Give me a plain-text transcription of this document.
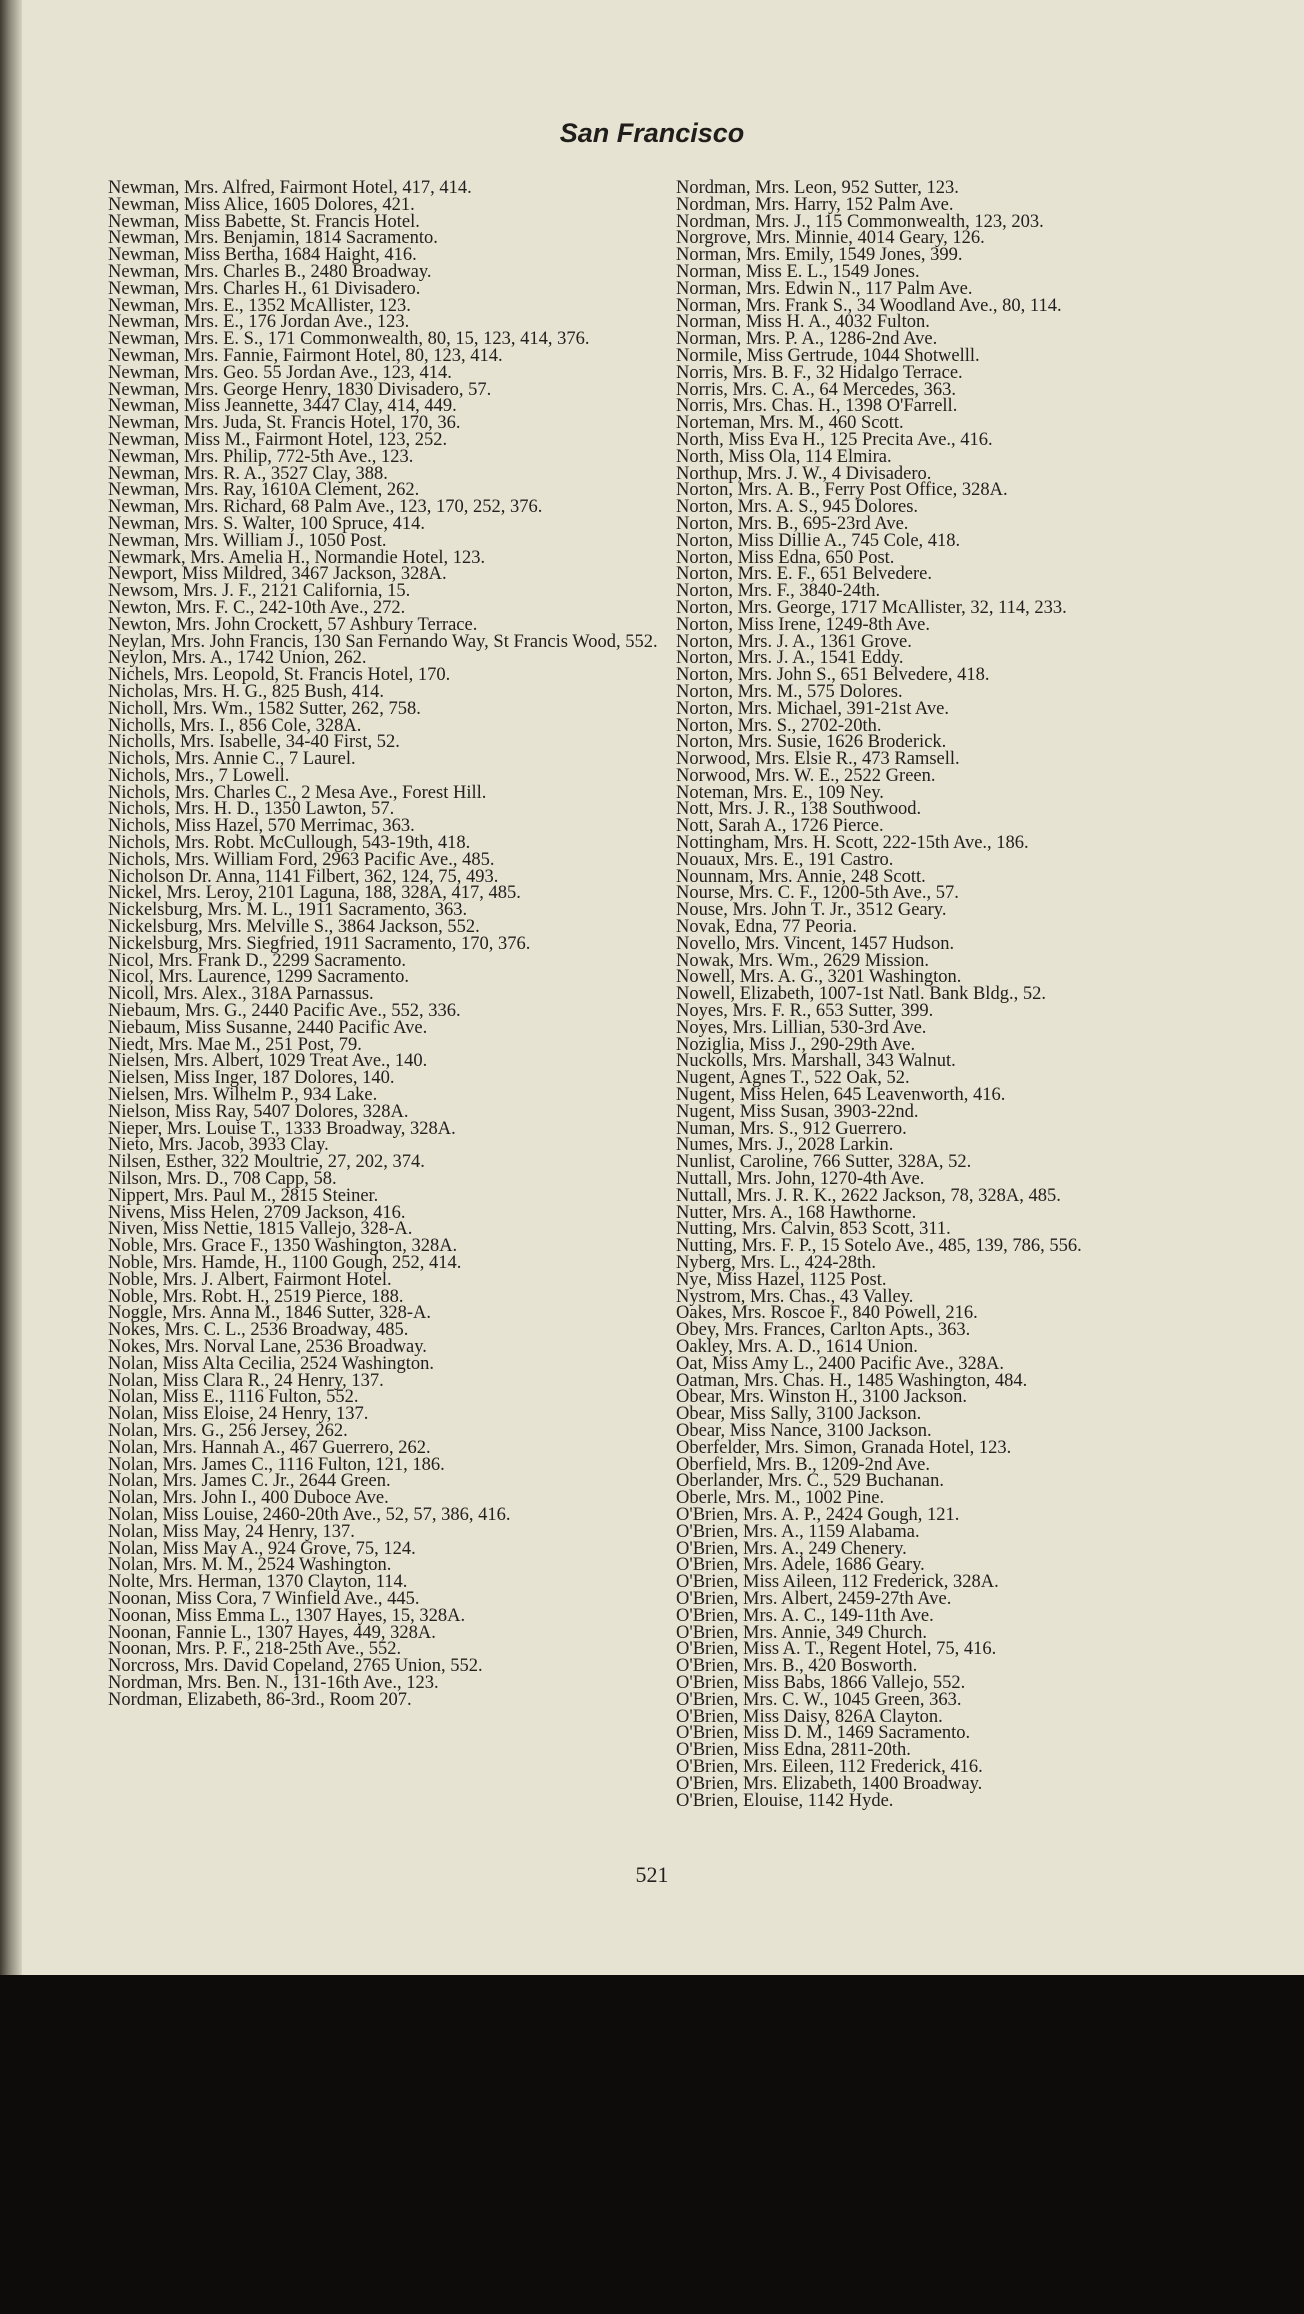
San Francisco
Newman, Mrs. Alfred, Fairmont Hotel, 417, 414.
Newman, Miss Alice, 1605 Dolores, 421.
Newman, Miss Babette, St. Francis Hotel.
Newman, Mrs. Benjamin, 1814 Sacramento.
Newman, Miss Bertha, 1684 Haight, 416.
Newman, Mrs. Charles B., 2480 Broadway.
Newman, Mrs. Charles H., 61 Divisadero.
Newman, Mrs. E., 1352 McAllister, 123.
Newman, Mrs. E., 176 Jordan Ave., 123.
Newman, Mrs. E. S., 171 Commonwealth, 80, 15, 123, 414, 376.
Newman, Mrs. Fannie, Fairmont Hotel, 80, 123, 414.
Newman, Mrs. Geo. 55 Jordan Ave., 123, 414.
Newman, Mrs. George Henry, 1830 Divisadero, 57.
Newman, Miss Jeannette, 3447 Clay, 414, 449.
Newman, Mrs. Juda, St. Francis Hotel, 170, 36.
Newman, Miss M., Fairmont Hotel, 123, 252.
Newman, Mrs. Philip, 772-5th Ave., 123.
Newman, Mrs. R. A., 3527 Clay, 388.
Newman, Mrs. Ray, 1610A Clement, 262.
Newman, Mrs. Richard, 68 Palm Ave., 123, 170, 252, 376.
Newman, Mrs. S. Walter, 100 Spruce, 414.
Newman, Mrs. William J., 1050 Post.
Newmark, Mrs. Amelia H., Normandie Hotel, 123.
Newport, Miss Mildred, 3467 Jackson, 328A.
Newsom, Mrs. J. F., 2121 California, 15.
Newton, Mrs. F. C., 242-10th Ave., 272.
Newton, Mrs. John Crockett, 57 Ashbury Terrace.
Neylan, Mrs. John Francis, 130 San Fernando Way, St Francis Wood, 552.
Neylon, Mrs. A., 1742 Union, 262.
Nichels, Mrs. Leopold, St. Francis Hotel, 170.
Nicholas, Mrs. H. G., 825 Bush, 414.
Nicholl, Mrs. Wm., 1582 Sutter, 262, 758.
Nicholls, Mrs. I., 856 Cole, 328A.
Nicholls, Mrs. Isabelle, 34-40 First, 52.
Nichols, Mrs. Annie C., 7 Laurel.
Nichols, Mrs., 7 Lowell.
Nichols, Mrs. Charles C., 2 Mesa Ave., Forest Hill.
Nichols, Mrs. H. D., 1350 Lawton, 57.
Nichols, Miss Hazel, 570 Merrimac, 363.
Nichols, Mrs. Robt. McCullough, 543-19th, 418.
Nichols, Mrs. William Ford, 2963 Pacific Ave., 485.
Nicholson Dr. Anna, 1141 Filbert, 362, 124, 75, 493.
Nickel, Mrs. Leroy, 2101 Laguna, 188, 328A, 417, 485.
Nickelsburg, Mrs. M. L., 1911 Sacramento, 363.
Nickelsburg, Mrs. Melville S., 3864 Jackson, 552.
Nickelsburg, Mrs. Siegfried, 1911 Sacramento, 170, 376.
Nicol, Mrs. Frank D., 2299 Sacramento.
Nicol, Mrs. Laurence, 1299 Sacramento.
Nicoll, Mrs. Alex., 318A Parnassus.
Niebaum, Mrs. G., 2440 Pacific Ave., 552, 336.
Niebaum, Miss Susanne, 2440 Pacific Ave.
Niedt, Mrs. Mae M., 251 Post, 79.
Nielsen, Mrs. Albert, 1029 Treat Ave., 140.
Nielsen, Miss Inger, 187 Dolores, 140.
Nielsen, Mrs. Wilhelm P., 934 Lake.
Nielson, Miss Ray, 5407 Dolores, 328A.
Nieper, Mrs. Louise T., 1333 Broadway, 328A.
Nieto, Mrs. Jacob, 3933 Clay.
Nilsen, Esther, 322 Moultrie, 27, 202, 374.
Nilson, Mrs. D., 708 Capp, 58.
Nippert, Mrs. Paul M., 2815 Steiner.
Nivens, Miss Helen, 2709 Jackson, 416.
Niven, Miss Nettie, 1815 Vallejo, 328-A.
Noble, Mrs. Grace F., 1350 Washington, 328A.
Noble, Mrs. Hamde, H., 1100 Gough, 252, 414.
Noble, Mrs. J. Albert, Fairmont Hotel.
Noble, Mrs. Robt. H., 2519 Pierce, 188.
Noggle, Mrs. Anna M., 1846 Sutter, 328-A.
Nokes, Mrs. C. L., 2536 Broadway, 485.
Nokes, Mrs. Norval Lane, 2536 Broadway.
Nolan, Miss Alta Cecilia, 2524 Washington.
Nolan, Miss Clara R., 24 Henry, 137.
Nolan, Miss E., 1116 Fulton, 552.
Nolan, Miss Eloise, 24 Henry, 137.
Nolan, Mrs. G., 256 Jersey, 262.
Nolan, Mrs. Hannah A., 467 Guerrero, 262.
Nolan, Mrs. James C., 1116 Fulton, 121, 186.
Nolan, Mrs. James C. Jr., 2644 Green.
Nolan, Mrs. John I., 400 Duboce Ave.
Nolan, Miss Louise, 2460-20th Ave., 52, 57, 386, 416.
Nolan, Miss May, 24 Henry, 137.
Nolan, Miss May A., 924 Grove, 75, 124.
Nolan, Mrs. M. M., 2524 Washington.
Nolte, Mrs. Herman, 1370 Clayton, 114.
Noonan, Miss Cora, 7 Winfield Ave., 445.
Noonan, Miss Emma L., 1307 Hayes, 15, 328A.
Noonan, Fannie L., 1307 Hayes, 449, 328A.
Noonan, Mrs. P. F., 218-25th Ave., 552.
Norcross, Mrs. David Copeland, 2765 Union, 552.
Nordman, Mrs. Ben. N., 131-16th Ave., 123.
Nordman, Elizabeth, 86-3rd., Room 207.
Nordman, Mrs. Leon, 952 Sutter, 123.
Nordman, Mrs. Harry, 152 Palm Ave.
Nordman, Mrs. J., 115 Commonwealth, 123, 203.
Norgrove, Mrs. Minnie, 4014 Geary, 126.
Norman, Mrs. Emily, 1549 Jones, 399.
Norman, Miss E. L., 1549 Jones.
Norman, Mrs. Edwin N., 117 Palm Ave.
Norman, Mrs. Frank S., 34 Woodland Ave., 80, 114.
Norman, Miss H. A., 4032 Fulton.
Norman, Mrs. P. A., 1286-2nd Ave.
Normile, Miss Gertrude, 1044 Shotwelll.
Norris, Mrs. B. F., 32 Hidalgo Terrace.
Norris, Mrs. C. A., 64 Mercedes, 363.
Norris, Mrs. Chas. H., 1398 O'Farrell.
Norteman, Mrs. M., 460 Scott.
North, Miss Eva H., 125 Precita Ave., 416.
North, Miss Ola, 114 Elmira.
Northup, Mrs. J. W., 4 Divisadero.
Norton, Mrs. A. B., Ferry Post Office, 328A.
Norton, Mrs. A. S., 945 Dolores.
Norton, Mrs. B., 695-23rd Ave.
Norton, Miss Dillie A., 745 Cole, 418.
Norton, Miss Edna, 650 Post.
Norton, Mrs. E. F., 651 Belvedere.
Norton, Mrs. F., 3840-24th.
Norton, Mrs. George, 1717 McAllister, 32, 114, 233.
Norton, Miss Irene, 1249-8th Ave.
Norton, Mrs. J. A., 1361 Grove.
Norton, Mrs. J. A., 1541 Eddy.
Norton, Mrs. John S., 651 Belvedere, 418.
Norton, Mrs. M., 575 Dolores.
Norton, Mrs. Michael, 391-21st Ave.
Norton, Mrs. S., 2702-20th.
Norton, Mrs. Susie, 1626 Broderick.
Norwood, Mrs. Elsie R., 473 Ramsell.
Norwood, Mrs. W. E., 2522 Green.
Noteman, Mrs. E., 109 Ney.
Nott, Mrs. J. R., 138 Southwood.
Nott, Sarah A., 1726 Pierce.
Nottingham, Mrs. H. Scott, 222-15th Ave., 186.
Nouaux, Mrs. E., 191 Castro.
Nounnam, Mrs. Annie, 248 Scott.
Nourse, Mrs. C. F., 1200-5th Ave., 57.
Nouse, Mrs. John T. Jr., 3512 Geary.
Novak, Edna, 77 Peoria.
Novello, Mrs. Vincent, 1457 Hudson.
Nowak, Mrs. Wm., 2629 Mission.
Nowell, Mrs. A. G., 3201 Washington.
Nowell, Elizabeth, 1007-1st Natl. Bank Bldg., 52.
Noyes, Mrs. F. R., 653 Sutter, 399.
Noyes, Mrs. Lillian, 530-3rd Ave.
Noziglia, Miss J., 290-29th Ave.
Nuckolls, Mrs. Marshall, 343 Walnut.
Nugent, Agnes T., 522 Oak, 52.
Nugent, Miss Helen, 645 Leavenworth, 416.
Nugent, Miss Susan, 3903-22nd.
Numan, Mrs. S., 912 Guerrero.
Numes, Mrs. J., 2028 Larkin.
Nunlist, Caroline, 766 Sutter, 328A, 52.
Nuttall, Mrs. John, 1270-4th Ave.
Nuttall, Mrs. J. R. K., 2622 Jackson, 78, 328A, 485.
Nutter, Mrs. A., 168 Hawthorne.
Nutting, Mrs. Calvin, 853 Scott, 311.
Nutting, Mrs. F. P., 15 Sotelo Ave., 485, 139, 786, 556.
Nyberg, Mrs. L., 424-28th.
Nye, Miss Hazel, 1125 Post.
Nystrom, Mrs. Chas., 43 Valley.
Oakes, Mrs. Roscoe F., 840 Powell, 216.
Obey, Mrs. Frances, Carlton Apts., 363.
Oakley, Mrs. A. D., 1614 Union.
Oat, Miss Amy L., 2400 Pacific Ave., 328A.
Oatman, Mrs. Chas. H., 1485 Washington, 484.
Obear, Mrs. Winston H., 3100 Jackson.
Obear, Miss Sally, 3100 Jackson.
Obear, Miss Nance, 3100 Jackson.
Oberfelder, Mrs. Simon, Granada Hotel, 123.
Oberfield, Mrs. B., 1209-2nd Ave.
Oberlander, Mrs. C., 529 Buchanan.
Oberle, Mrs. M., 1002 Pine.
O'Brien, Mrs. A. P., 2424 Gough, 121.
O'Brien, Mrs. A., 1159 Alabama.
O'Brien, Mrs. A., 249 Chenery.
O'Brien, Mrs. Adele, 1686 Geary.
O'Brien, Miss Aileen, 112 Frederick, 328A.
O'Brien, Mrs. Albert, 2459-27th Ave.
O'Brien, Mrs. A. C., 149-11th Ave.
O'Brien, Mrs. Annie, 349 Church.
O'Brien, Miss A. T., Regent Hotel, 75, 416.
O'Brien, Mrs. B., 420 Bosworth.
O'Brien, Miss Babs, 1866 Vallejo, 552.
O'Brien, Mrs. C. W., 1045 Green, 363.
O'Brien, Miss Daisy, 826A Clayton.
O'Brien, Miss D. M., 1469 Sacramento.
O'Brien, Miss Edna, 2811-20th.
O'Brien, Mrs. Eileen, 112 Frederick, 416.
O'Brien, Mrs. Elizabeth, 1400 Broadway.
O'Brien, Elouise, 1142 Hyde.
521
